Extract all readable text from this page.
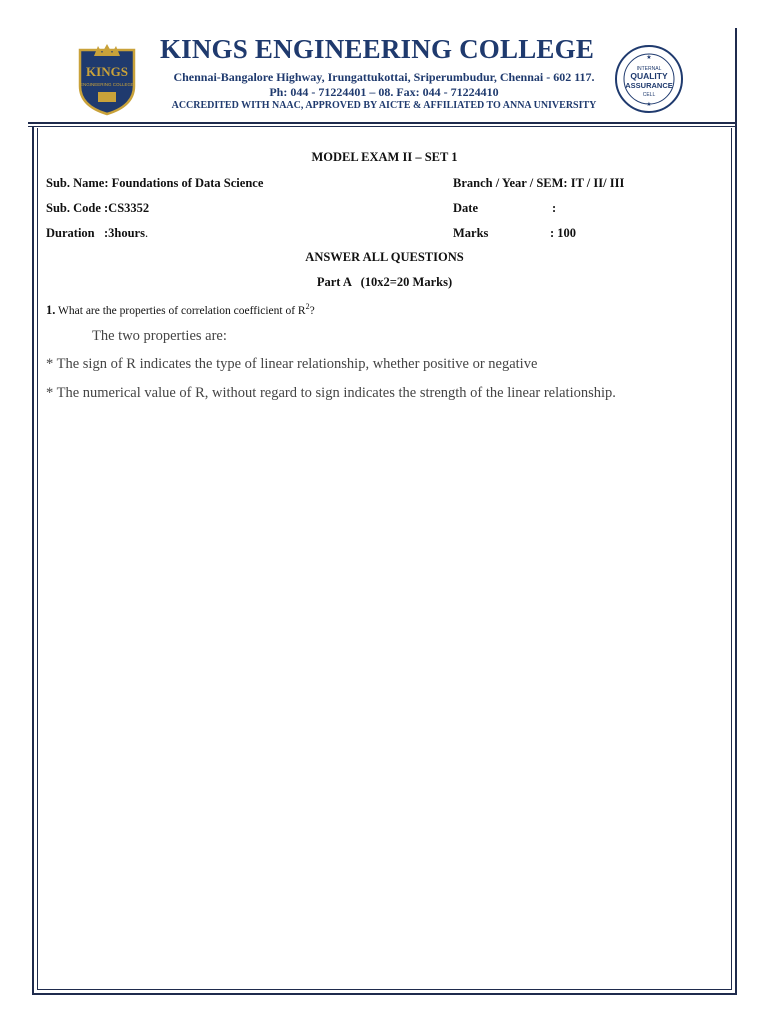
KINGS
ENGINEERING COLLEGE
KINGS ENGINEERING COLLEGE
Chennai-Bangalore Highway, Irungattukottai, Sriperumbudur, Chennai - 602 117.
Ph: 044 - 71224401 – 08. Fax: 044 - 71224410
ACCREDITED WITH NAAC, APPROVED BY AICTE & AFFILIATED TO ANNA UNIVERSITY
INTERNAL
QUALITY
ASSURANCE
CELL
★
★
MODEL EXAM II – SET 1
Sub. Name: Foundations of Data Science	Branch / Year / SEM: IT / II/ III
Sub. Code :CS3352	Date	:
Duration   :3hours.	Marks	: 100
ANSWER ALL QUESTIONS
Part A   (10x2=20 Marks)
1. What are the properties of correlation coefficient of $R^2$?
The two properties are:
* The sign of R indicates the type of linear relationship, whether positive or negative
* The numerical value of R, without regard to sign indicates the strength of the linear relationship.
